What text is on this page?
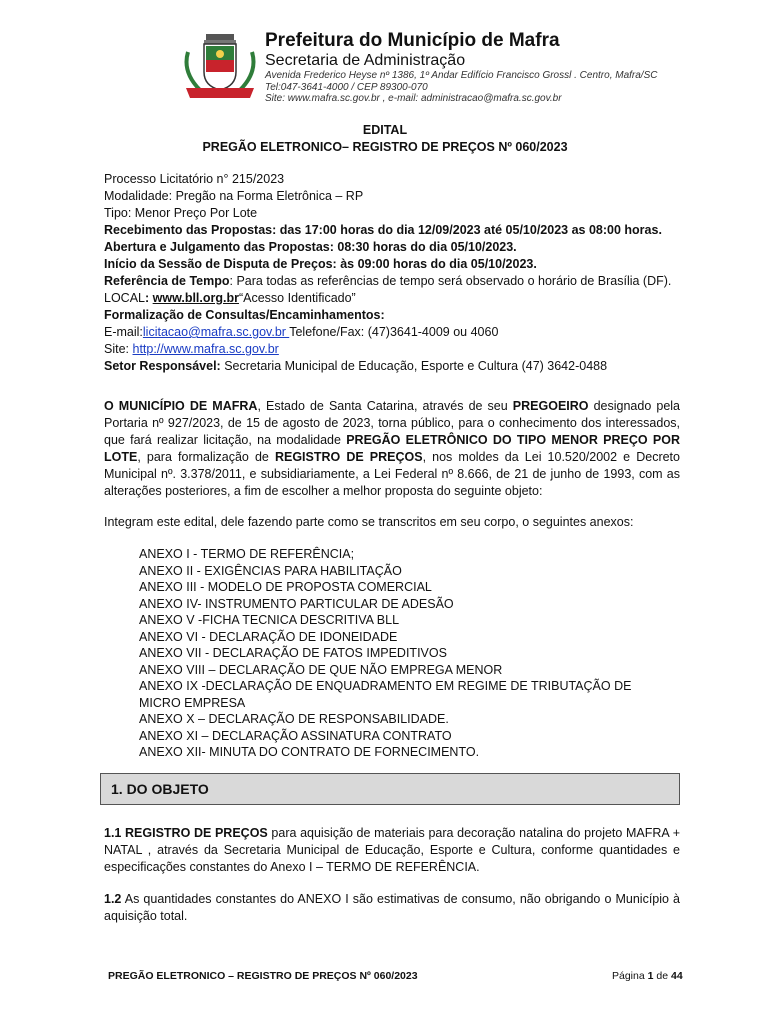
Prefeitura do Município de Mafra
Secretaria de Administração
Avenida Frederico Heyse nº 1386, 1º Andar Edifício Francisco Grossl . Centro, Mafra/SC
Tel:047-3641-4000 / CEP 89300-070
Site: www.mafra.sc.gov.br , e-mail: administracao@mafra.sc.gov.br
EDITAL
PREGÃO ELETRONICO– REGISTRO DE PREÇOS Nº 060/2023

Processo Licitatório n° 215/2023

Modalidade: Pregão na Forma Eletrônica – RP

Tipo: Menor Preço Por Lote

Recebimento das Propostas: das 17:00 horas do dia 12/09/2023 até 05/10/2023 as 08:00 horas.

Abertura e Julgamento das Propostas: 08:30 horas do dia 05/10/2023.

Início da Sessão de Disputa de Preços: às 09:00 horas do dia 05/10/2023.

Referência de Tempo: Para todas as referências de tempo será observado o horário de Brasília (DF).

LOCAL: www.bll.org.br“Acesso Identificado”

Formalização de Consultas/Encaminhamentos:

E-mail:licitacao@mafra.sc.gov.br Telefone/Fax: (47)3641-4009 ou 4060

Site: http://www.mafra.sc.gov.br

Setor Responsável: Secretaria Municipal de Educação, Esporte e Cultura (47) 3642-0488

O MUNICÍPIO DE MAFRA, Estado de Santa Catarina, através de seu PREGOEIRO designado pela Portaria nº 927/2023, de 15 de agosto de 2023, torna público, para o conhecimento dos interessados, que fará realizar licitação, na modalidade PREGÃO ELETRÔNICO DO TIPO MENOR PREÇO POR LOTE, para formalização de REGISTRO DE PREÇOS, nos moldes da Lei 10.520/2002 e Decreto Municipal nº. 3.378/2011, e subsidiariamente, a Lei Federal nº 8.666, de 21 de junho de 1993, com as alterações posteriores, a fim de escolher a melhor proposta do seguinte objeto:

Integram este edital, dele fazendo parte como se transcritos em seu corpo, o seguintes anexos:
ANEXO I - TERMO DE REFERÊNCIA;
ANEXO II - EXIGÊNCIAS PARA HABILITAÇÃO
ANEXO III - MODELO DE PROPOSTA COMERCIAL
ANEXO IV- INSTRUMENTO PARTICULAR DE ADESÃO
ANEXO V -FICHA TECNICA DESCRITIVA BLL
ANEXO VI - DECLARAÇÃO DE IDONEIDADE
ANEXO VII - DECLARAÇÃO DE FATOS IMPEDITIVOS
ANEXO VIII – DECLARAÇÃO DE QUE NÃO EMPREGA MENOR
ANEXO IX -DECLARAÇÃO DE ENQUADRAMENTO EM REGIME DE TRIBUTAÇÃO DE MICRO EMPRESA
ANEXO X – DECLARAÇÃO DE RESPONSABILIDADE.
ANEXO XI – DECLARAÇÃO ASSINATURA CONTRATO
ANEXO XII- MINUTA DO CONTRATO DE FORNECIMENTO.
1. DO OBJETO

1.1 REGISTRO DE PREÇOS para aquisição de materiais para decoração natalina do projeto MAFRA + NATAL , através da Secretaria Municipal de Educação, Esporte e Cultura, conforme quantidades e especificações constantes do Anexo I – TERMO DE REFERÊNCIA.

1.2 As quantidades constantes do ANEXO I são estimativas de consumo, não obrigando o Município à aquisição total.

PREGÃO ELETRONICO – REGISTRO DE PREÇOS Nº 060/2023	Página 1 de 44
